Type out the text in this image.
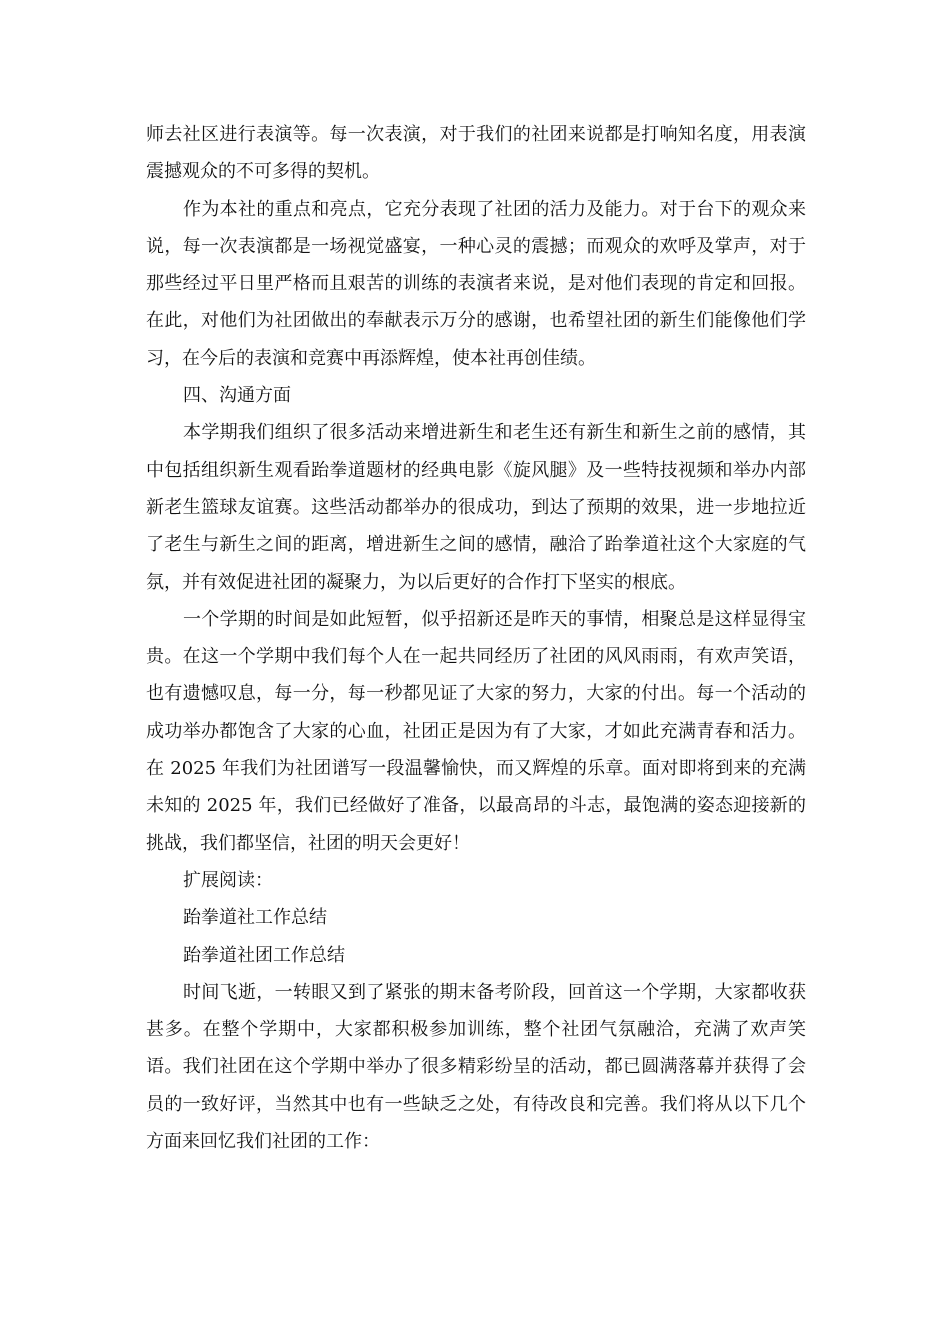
师去社区进行表演等。每一次表演，对于我们的社团来说都是打响知名度，用表演震撼观众的不可多得的契机。

作为本社的重点和亮点，它充分表现了社团的活力及能力。对于台下的观众来说，每一次表演都是一场视觉盛宴，一种心灵的震撼；而观众的欢呼及掌声，对于那些经过平日里严格而且艰苦的训练的表演者来说，是对他们表现的肯定和回报。在此，对他们为社团做出的奉献表示万分的感谢，也希望社团的新生们能像他们学习，在今后的表演和竞赛中再添辉煌，使本社再创佳绩。

四、沟通方面

本学期我们组织了很多活动来增进新生和老生还有新生和新生之前的感情，其中包括组织新生观看跆拳道题材的经典电影《旋风腿》及一些特技视频和举办内部新老生篮球友谊赛。这些活动都举办的很成功，到达了预期的效果，进一步地拉近了老生与新生之间的距离，增进新生之间的感情，融洽了跆拳道社这个大家庭的气氛，并有效促进社团的凝聚力，为以后更好的合作打下坚实的根底。

一个学期的时间是如此短暂，似乎招新还是昨天的事情，相聚总是这样显得宝贵。在这一个学期中我们每个人在一起共同经历了社团的风风雨雨，有欢声笑语，也有遗憾叹息，每一分，每一秒都见证了大家的努力，大家的付出。每一个活动的成功举办都饱含了大家的心血，社团正是因为有了大家，才如此充满青春和活力。在 2025 年我们为社团谱写一段温馨愉快，而又辉煌的乐章。面对即将到来的充满未知的 2025 年，我们已经做好了准备，以最高昂的斗志，最饱满的姿态迎接新的挑战，我们都坚信，社团的明天会更好！

扩展阅读：

跆拳道社工作总结

跆拳道社团工作总结

时间飞逝，一转眼又到了紧张的期末备考阶段，回首这一个学期，大家都收获甚多。在整个学期中，大家都积极参加训练，整个社团气氛融洽，充满了欢声笑语。我们社团在这个学期中举办了很多精彩纷呈的活动，都已圆满落幕并获得了会员的一致好评，当然其中也有一些缺乏之处，有待改良和完善。我们将从以下几个方面来回忆我们社团的工作：
